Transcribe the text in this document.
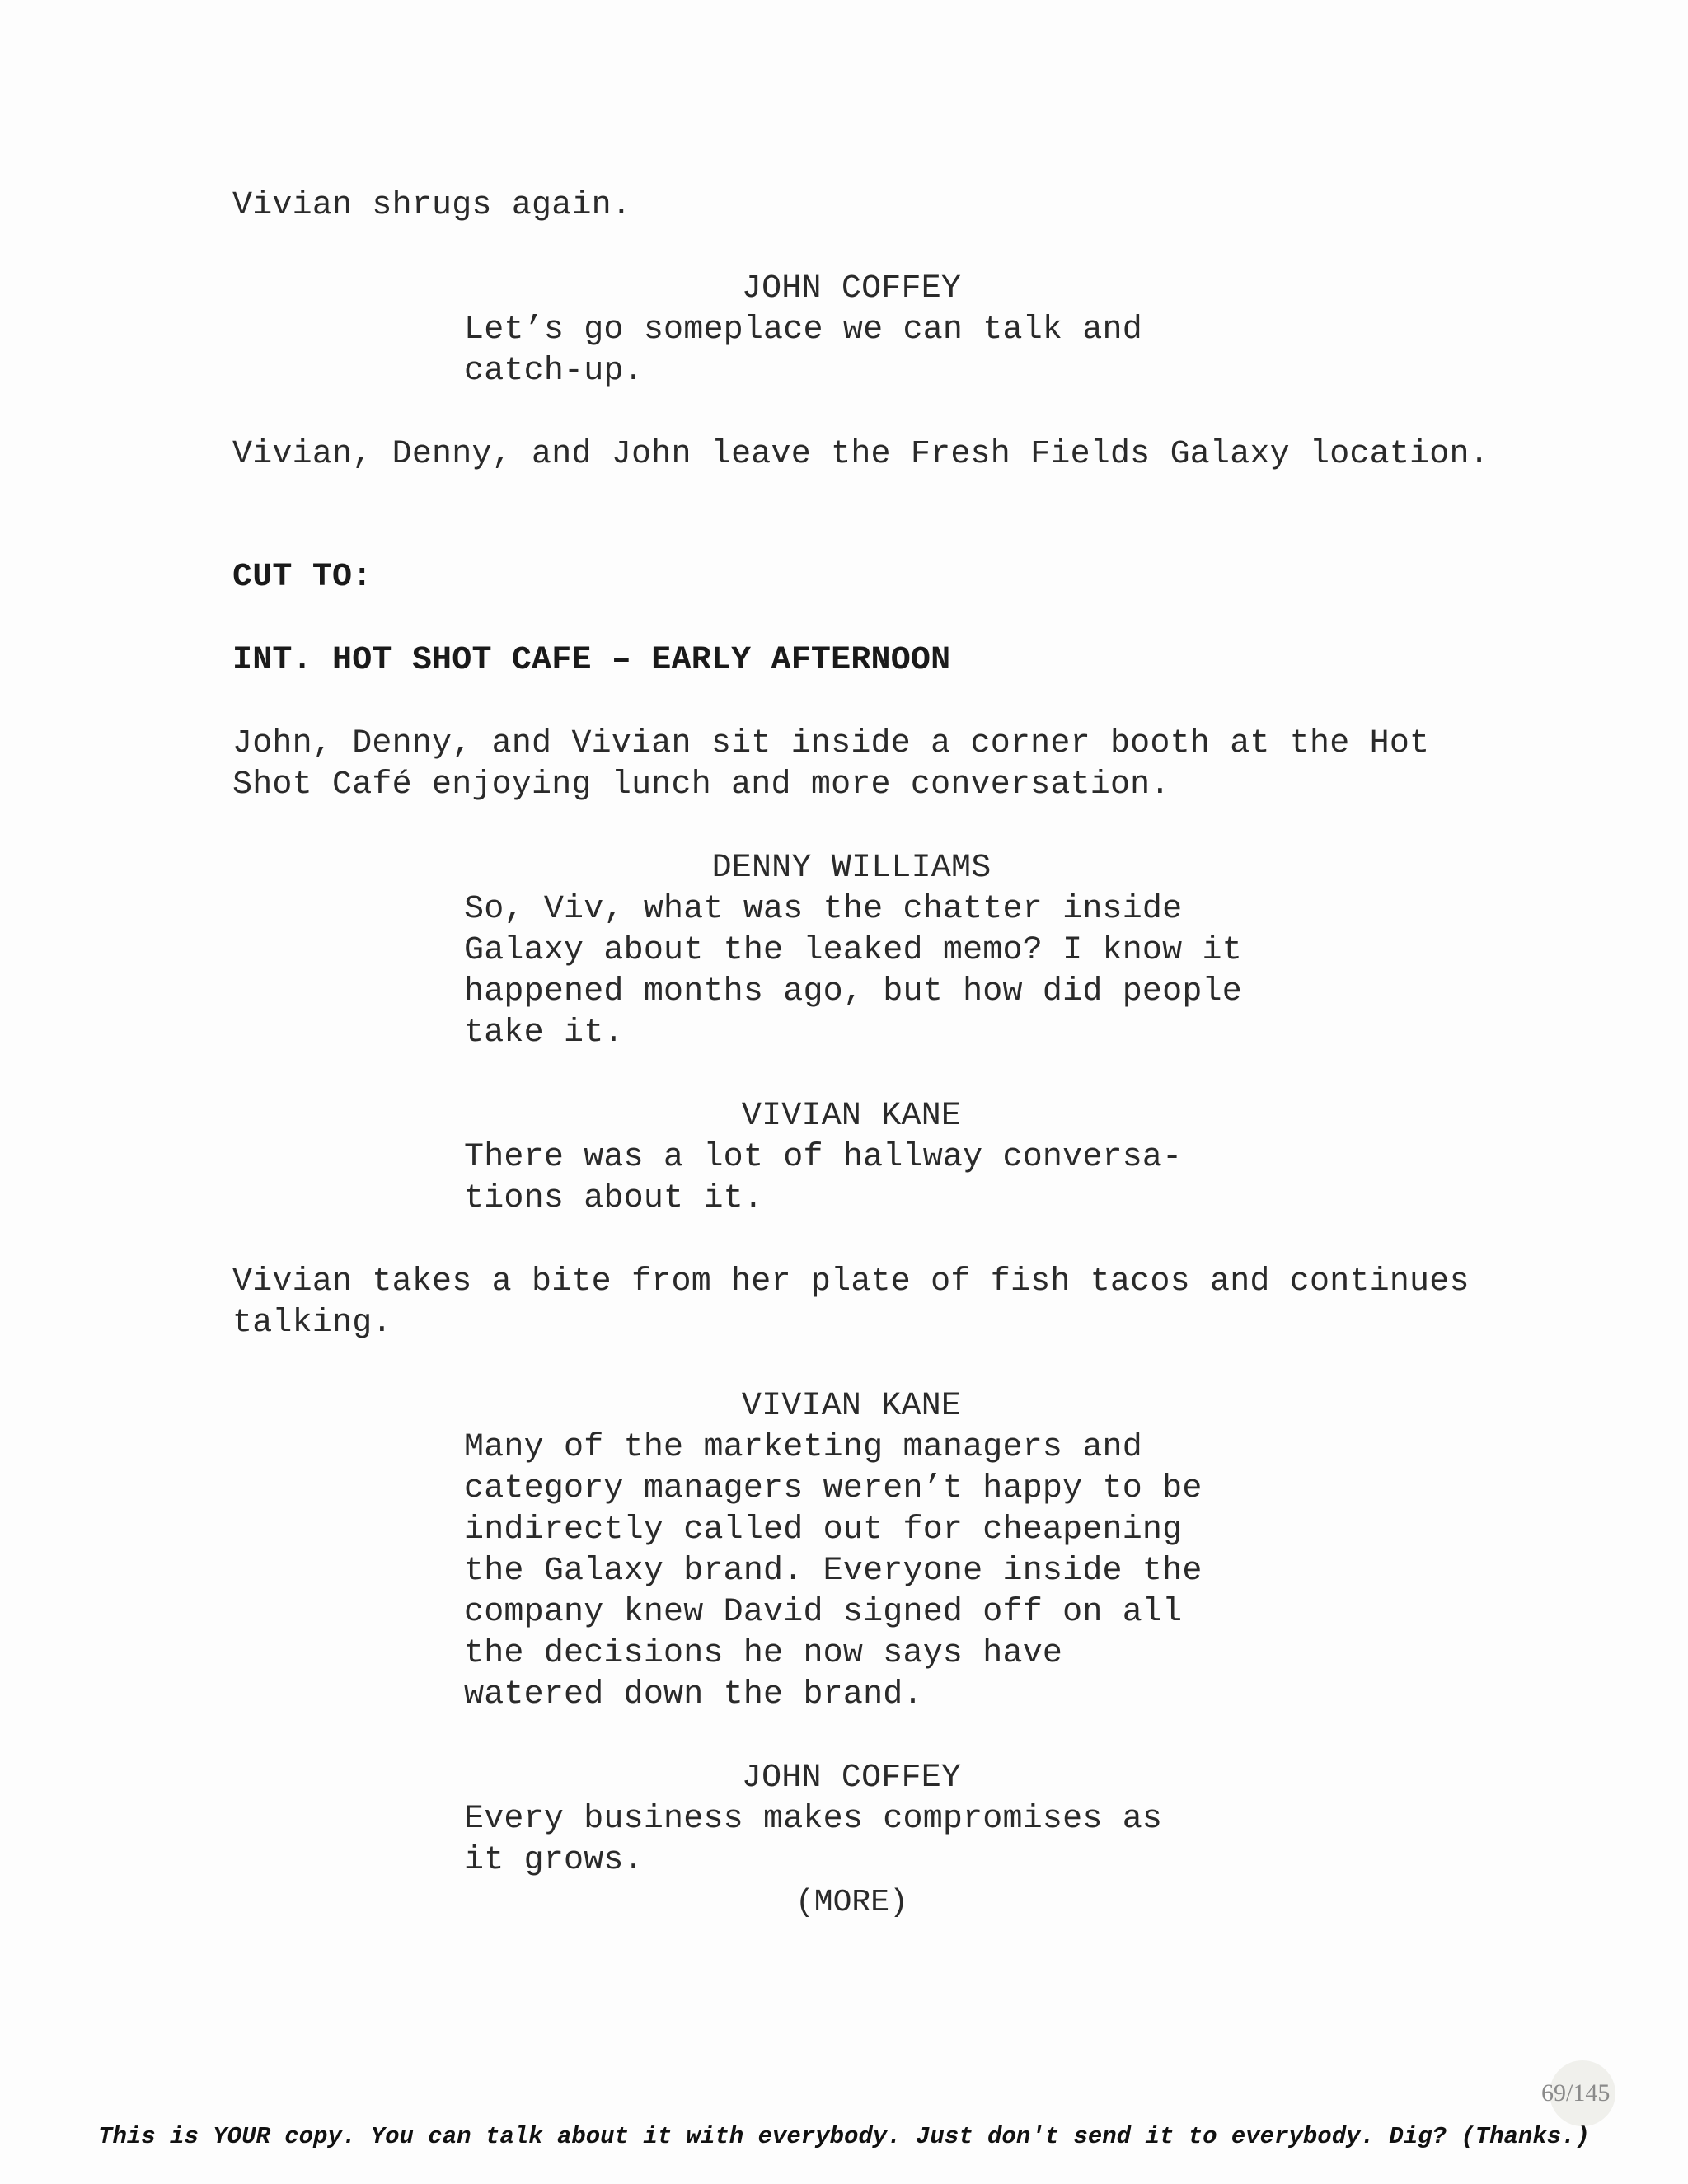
Vivian shrugs again.
JOHN COFFEY
Let’s go someplace we can talk and
catch-up.
Vivian, Denny, and John leave the Fresh Fields Galaxy location.
CUT TO:
INT. HOT SHOT CAFE – EARLY AFTERNOON
John, Denny, and Vivian sit inside a corner booth at the Hot
Shot Café enjoying lunch and more conversation.
DENNY WILLIAMS
So, Viv, what was the chatter inside
Galaxy about the leaked memo? I know it
happened months ago, but how did people
take it.
VIVIAN KANE
There was a lot of hallway conversa-
tions about it.
Vivian takes a bite from her plate of fish tacos and continues
talking.
VIVIAN KANE
Many of the marketing managers and
category managers weren’t happy to be
indirectly called out for cheapening
the Galaxy brand. Everyone inside the
company knew David signed off on all
the decisions he now says have
watered down the brand.
JOHN COFFEY
Every business makes compromises as
it grows.
(MORE)
69/145
This is YOUR copy. You can talk about it with everybody. Just don't send it to everybody. Dig? (Thanks.)
